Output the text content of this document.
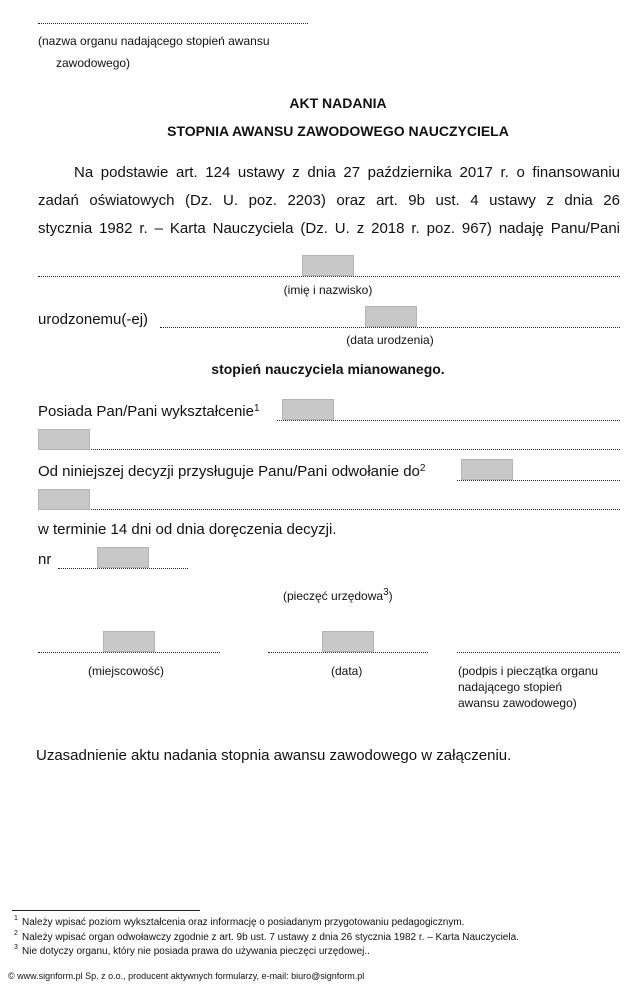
(nazwa organu nadającego stopień awansu
zawodowego)
AKT NADANIA
STOPNIA AWANSU ZAWODOWEGO NAUCZYCIELA
Na podstawie art. 124 ustawy z dnia 27 października 2017 r. o finansowaniu
zadań oświatowych (Dz. U. poz. 2203) oraz art. 9b ust. 4 ustawy z dnia 26
stycznia 1982 r. – Karta Nauczyciela (Dz. U. z 2018 r. poz. 967) nadaję Panu/Pani
(imię i nazwisko)
urodzonemu(-ej)
(data urodzenia)
stopień nauczyciela mianowanego.
Posiada Pan/Pani wykształcenie$^1$
Od niniejszej decyzji przysługuje Panu/Pani odwołanie $do^2$
w terminie 14 dni od dnia doręczenia decyzji.
nr
(pieczęć urzędowa$^3$)
(miejscowość)	(data)	(podpis i pieczątka organu
nadającego stopień
awansu zawodowego)
Uzasadnienie aktu nadania stopnia awansu zawodowego w załączeniu.
1 Należy wpisać poziom wykształcenia oraz informację o posiadanym przygotowaniu pedagogicznym.
2 Należy wpisać organ odwoławczy zgodnie z art. 9b ust. 7 ustawy z dnia 26 stycznia 1982 r. – Karta Nauczyciela.
3 Nie dotyczy organu, który nie posiada prawa do używania pieczęci urzędowej..
© www.signform.pl Sp. z o.o., producent aktywnych formularzy, e-mail: biuro@signform.pl
